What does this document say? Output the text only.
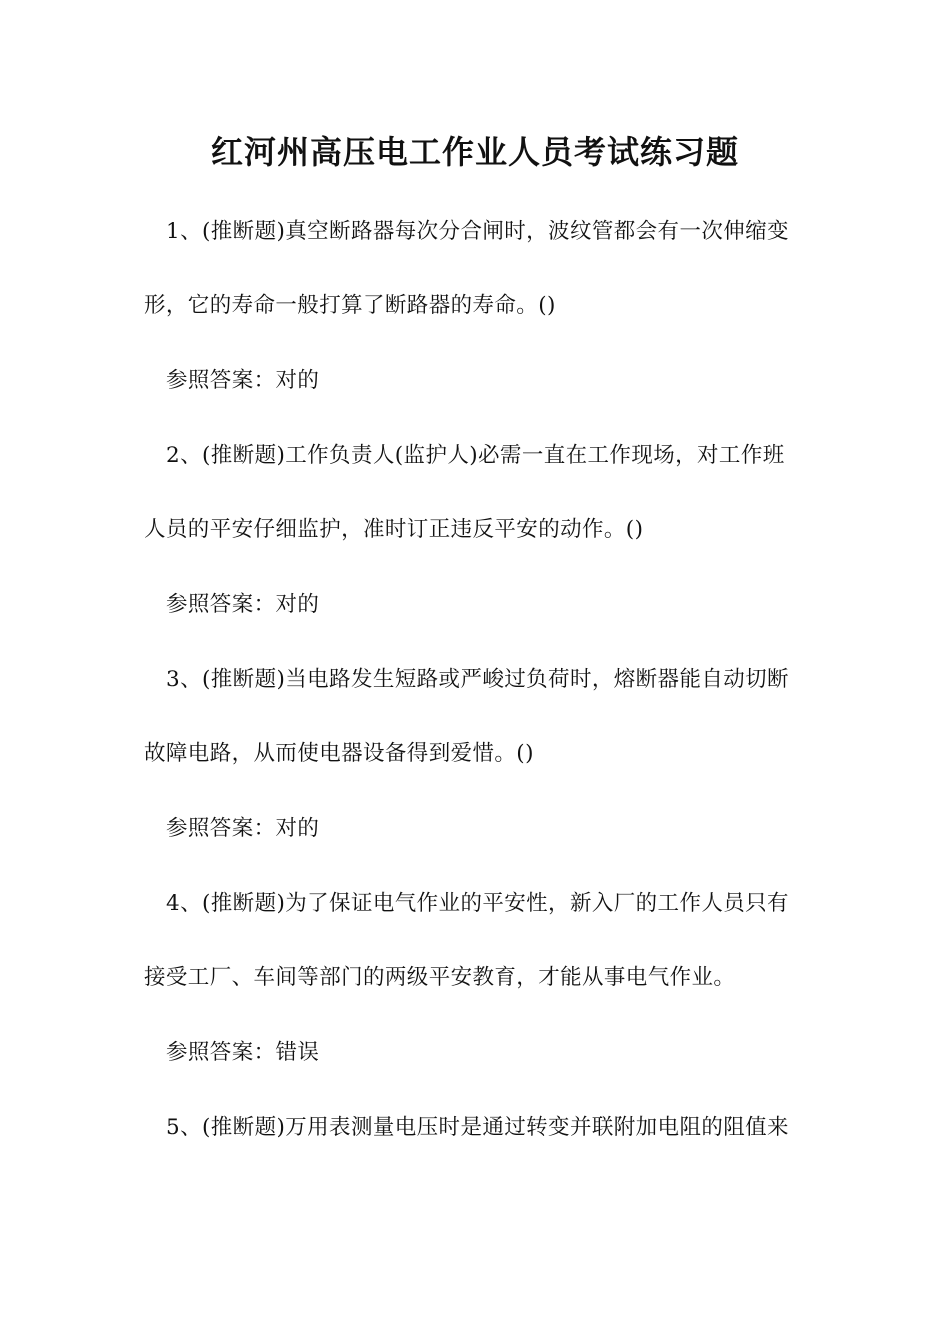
红河州高压电工作业人员考试练习题
1、(推断题)真空断路器每次分合闸时，波纹管都会有一次伸缩变
形，它的寿命一般打算了断路器的寿命。()
参照答案：对的
2、(推断题)工作负责人(监护人)必需一直在工作现场，对工作班
人员的平安仔细监护，准时订正违反平安的动作。()
参照答案：对的
3、(推断题)当电路发生短路或严峻过负荷时，熔断器能自动切断
故障电路，从而使电器设备得到爱惜。()
参照答案：对的
4、(推断题)为了保证电气作业的平安性，新入厂的工作人员只有
接受工厂、车间等部门的两级平安教育，才能从事电气作业。
参照答案：错误
5、(推断题)万用表测量电压时是通过转变并联附加电阻的阻值来
